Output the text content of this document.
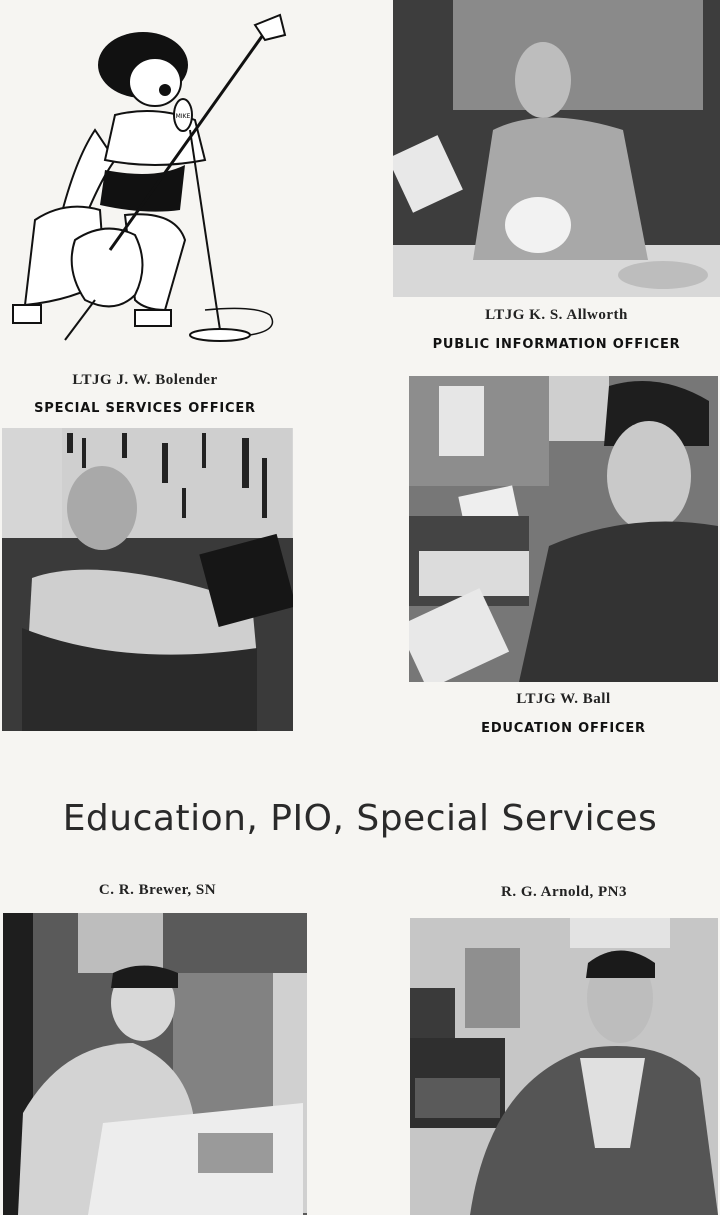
MIKE
LTJG J. W. Bolender
SPECIAL SERVICES OFFICER
LTJG K. S. Allworth
PUBLIC INFORMATION OFFICER
LTJG W. Ball
EDUCATION OFFICER
Education, PIO, Special Services
C. R. Brewer, SN	R. G. Arnold, PN3
